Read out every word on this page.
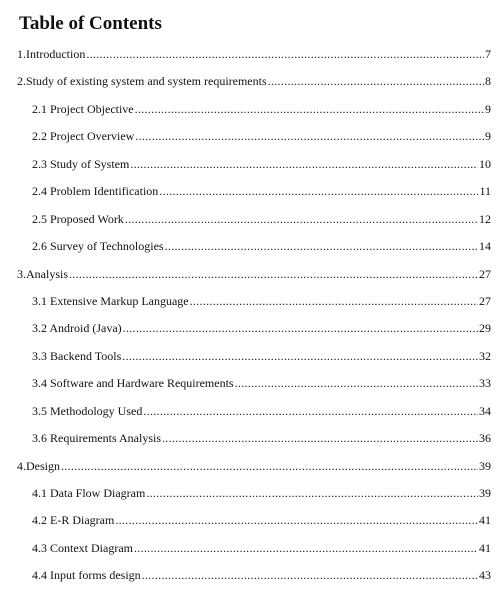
Table of Contents
1.Introduction .....	7
2.Study of existing system and system requirements .....	8
2.1 Project Objective .....	9
2.2 Project Overview .....	9
2.3 Study of System .....	10
2.4 Problem Identification .....	11
2.5 Proposed Work .....	12
2.6 Survey of Technologies .....	14
3.Analysis .....	27
3.1 Extensive Markup Language .....	27
3.2 Android (Java) .....	29
3.3 Backend Tools .....	32
3.4 Software and Hardware Requirements .....	33
3.5 Methodology Used .....	34
3.6 Requirements Analysis .....	36
4.Design .....	39
4.1 Data Flow Diagram .....	39
4.2 E-R Diagram .....	41
4.3 Context Diagram .....	41
4.4 Input forms design .....	43
